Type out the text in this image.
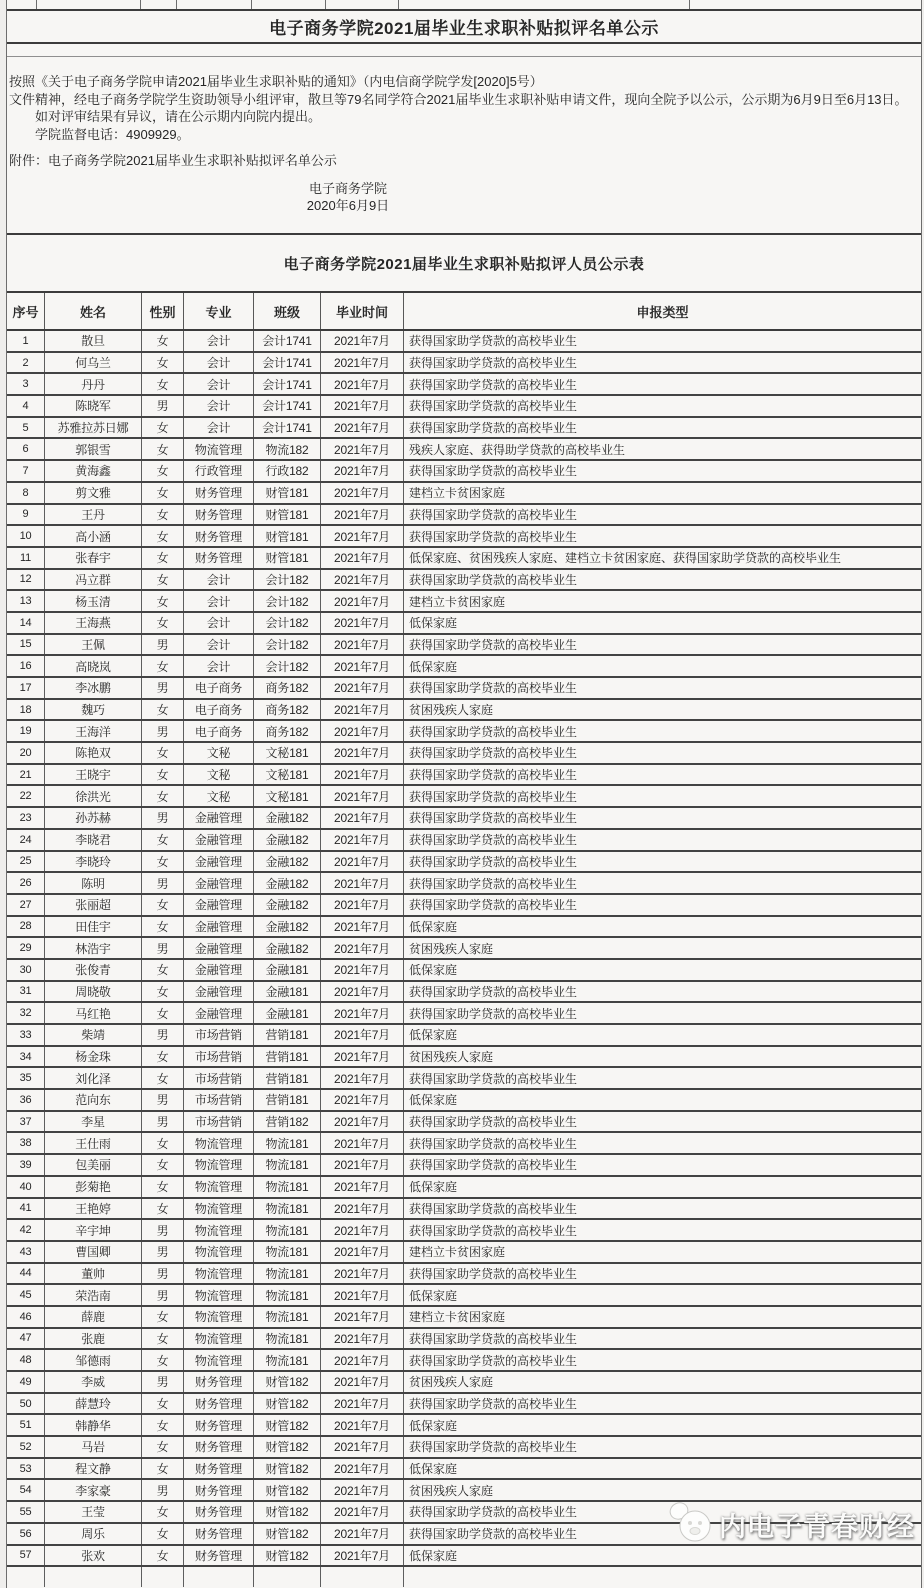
电子商务学院2021届毕业生求职补贴拟评名单公示
按照《关于电子商务学院申请2021届毕业生求职补贴的通知》（内电信商学院学发[2020]5号）
文件精神，经电子商务学院学生资助领导小组评审，散旦等79名同学符合2021届毕业生求职补贴申请文件，现向全院予以公示，公示期为6月9日至6月13日。
如对评审结果有异议，请在公示期内向院内提出。
学院监督电话：4909929。
附件：电子商务学院2021届毕业生求职补贴拟评名单公示
电子商务学院
2020年6月9日
电子商务学院2021届毕业生求职补贴拟评人员公示表
序号	姓名	性别	专业	班级	毕业时间	申报类型
1	散旦	女	会计	会计1741	2021年7月	获得国家助学贷款的高校毕业生
2	何乌兰	女	会计	会计1741	2021年7月	获得国家助学贷款的高校毕业生
3	丹丹	女	会计	会计1741	2021年7月	获得国家助学贷款的高校毕业生
4	陈晓军	男	会计	会计1741	2021年7月	获得国家助学贷款的高校毕业生
5	苏雅拉苏日娜	女	会计	会计1741	2021年7月	获得国家助学贷款的高校毕业生
6	郭银雪	女	物流管理	物流182	2021年7月	残疾人家庭、获得助学贷款的高校毕业生
7	黄海鑫	女	行政管理	行政182	2021年7月	获得国家助学贷款的高校毕业生
8	剪文雅	女	财务管理	财管181	2021年7月	建档立卡贫困家庭
9	王丹	女	财务管理	财管181	2021年7月	获得国家助学贷款的高校毕业生
10	高小涵	女	财务管理	财管181	2021年7月	获得国家助学贷款的高校毕业生
11	张春宇	女	财务管理	财管181	2021年7月	低保家庭、贫困残疾人家庭、建档立卡贫困家庭、获得国家助学贷款的高校毕业生
12	冯立群	女	会计	会计182	2021年7月	获得国家助学贷款的高校毕业生
13	杨玉清	女	会计	会计182	2021年7月	建档立卡贫困家庭
14	王海燕	女	会计	会计182	2021年7月	低保家庭
15	王佩	男	会计	会计182	2021年7月	获得国家助学贷款的高校毕业生
16	高晓岚	女	会计	会计182	2021年7月	低保家庭
17	李冰鹏	男	电子商务	商务182	2021年7月	获得国家助学贷款的高校毕业生
18	魏巧	女	电子商务	商务182	2021年7月	贫困残疾人家庭
19	王海洋	男	电子商务	商务182	2021年7月	获得国家助学贷款的高校毕业生
20	陈艳双	女	文秘	文秘181	2021年7月	获得国家助学贷款的高校毕业生
21	王晓宇	女	文秘	文秘181	2021年7月	获得国家助学贷款的高校毕业生
22	徐洪光	女	文秘	文秘181	2021年7月	获得国家助学贷款的高校毕业生
23	孙苏赫	男	金融管理	金融182	2021年7月	获得国家助学贷款的高校毕业生
24	李晓君	女	金融管理	金融182	2021年7月	获得国家助学贷款的高校毕业生
25	李晓玲	女	金融管理	金融182	2021年7月	获得国家助学贷款的高校毕业生
26	陈明	男	金融管理	金融182	2021年7月	获得国家助学贷款的高校毕业生
27	张丽超	女	金融管理	金融182	2021年7月	获得国家助学贷款的高校毕业生
28	田佳宇	女	金融管理	金融182	2021年7月	低保家庭
29	林浩宇	男	金融管理	金融182	2021年7月	贫困残疾人家庭
30	张俊青	女	金融管理	金融181	2021年7月	低保家庭
31	周晓敬	女	金融管理	金融181	2021年7月	获得国家助学贷款的高校毕业生
32	马红艳	女	金融管理	金融181	2021年7月	获得国家助学贷款的高校毕业生
33	柴靖	男	市场营销	营销181	2021年7月	低保家庭
34	杨金珠	女	市场营销	营销181	2021年7月	贫困残疾人家庭
35	刘化泽	女	市场营销	营销181	2021年7月	获得国家助学贷款的高校毕业生
36	范向东	男	市场营销	营销181	2021年7月	低保家庭
37	李星	男	市场营销	营销182	2021年7月	获得国家助学贷款的高校毕业生
38	王仕雨	女	物流管理	物流181	2021年7月	获得国家助学贷款的高校毕业生
39	包美丽	女	物流管理	物流181	2021年7月	获得国家助学贷款的高校毕业生
40	彭菊艳	女	物流管理	物流181	2021年7月	低保家庭
41	王艳婷	女	物流管理	物流181	2021年7月	获得国家助学贷款的高校毕业生
42	辛宇坤	男	物流管理	物流181	2021年7月	获得国家助学贷款的高校毕业生
43	曹国卿	男	物流管理	物流181	2021年7月	建档立卡贫困家庭
44	董帅	男	物流管理	物流181	2021年7月	获得国家助学贷款的高校毕业生
45	荣浩南	男	物流管理	物流181	2021年7月	低保家庭
46	薛鹿	女	物流管理	物流181	2021年7月	建档立卡贫困家庭
47	张鹿	女	物流管理	物流181	2021年7月	获得国家助学贷款的高校毕业生
48	邹德雨	女	物流管理	物流181	2021年7月	获得国家助学贷款的高校毕业生
49	李威	男	财务管理	财管182	2021年7月	贫困残疾人家庭
50	薛慧玲	女	财务管理	财管182	2021年7月	获得国家助学贷款的高校毕业生
51	韩静华	女	财务管理	财管182	2021年7月	低保家庭
52	马岩	女	财务管理	财管182	2021年7月	获得国家助学贷款的高校毕业生
53	程文静	女	财务管理	财管182	2021年7月	低保家庭
54	李家豪	男	财务管理	财管182	2021年7月	贫困残疾人家庭
55	王莹	女	财务管理	财管182	2021年7月	获得国家助学贷款的高校毕业生
56	周乐	女	财务管理	财管182	2021年7月	获得国家助学贷款的高校毕业生
57	张欢	女	财务管理	财管182	2021年7月	低保家庭
内电子青春财经
